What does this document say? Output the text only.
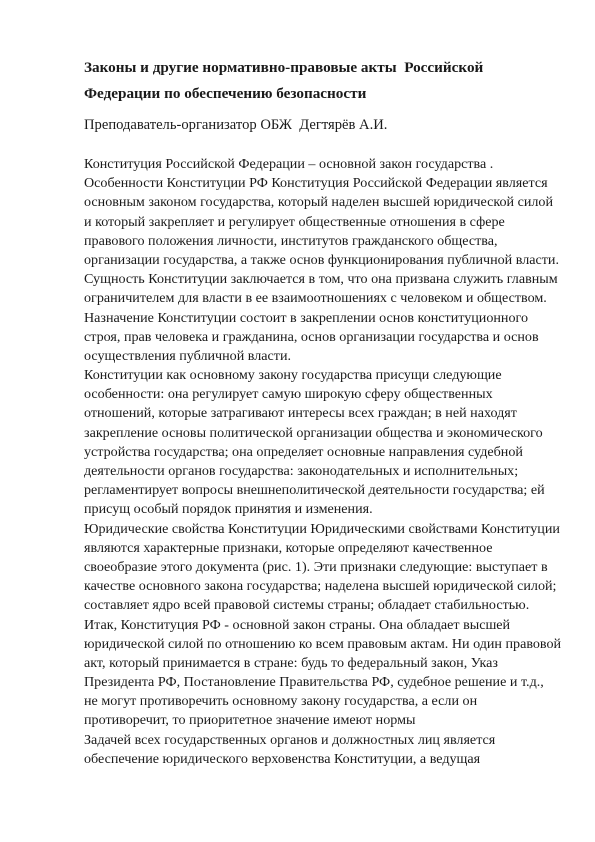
Законы и другие нормативно-правовые акты  Российской
Федерации по обеспечению безопасности
Преподаватель-организатор ОБЖ  Дегтярёв А.И.
Конституция Российской Федерации – основной закон государства .
Особенности Конституции РФ Конституция Российской Федерации является
основным законом государства, который наделен высшей юридической силой
и который закрепляет и регулирует общественные отношения в сфере
правового положения личности, институтов гражданского общества,
организации государства, а также основ функционирования публичной власти.
Сущность Конституции заключается в том, что она призвана служить главным
ограничителем для власти в ее взаимоотношениях с человеком и обществом.
Назначение Конституции состоит в закреплении основ конституционного
строя, прав человека и гражданина, основ организации государства и основ
осуществления публичной власти.
Конституции как основному закону государства присущи следующие
особенности: она регулирует самую широкую сферу общественных
отношений, которые затрагивают интересы всех граждан; в ней находят
закрепление основы политической организации общества и экономического
устройства государства; она определяет основные направления судебной
деятельности органов государства: законодательных и исполнительных;
регламентирует вопросы внешнеполитической деятельности государства; ей
присущ особый порядок принятия и изменения.
Юридические свойства Конституции Юридическими свойствами Конституции
являются характерные признаки, которые определяют качественное
своеобразие этого документа (рис. 1). Эти признаки следующие: выступает в
качестве основного закона государства; наделена высшей юридической силой;
составляет ядро всей правовой системы страны; обладает стабильностью.
Итак, Конституция РФ - основной закон страны. Она обладает высшей
юридической силой по отношению ко всем правовым актам. Ни один правовой
акт, который принимается в стране: будь то федеральный закон, Указ
Президента РФ, Постановление Правительства РФ, судебное решение и т.д.,
не могут противоречить основному закону государства, а если он
противоречит, то приоритетное значение имеют нормы
Задачей всех государственных органов и должностных лиц является
обеспечение юридического верховенства Конституции, а ведущая
